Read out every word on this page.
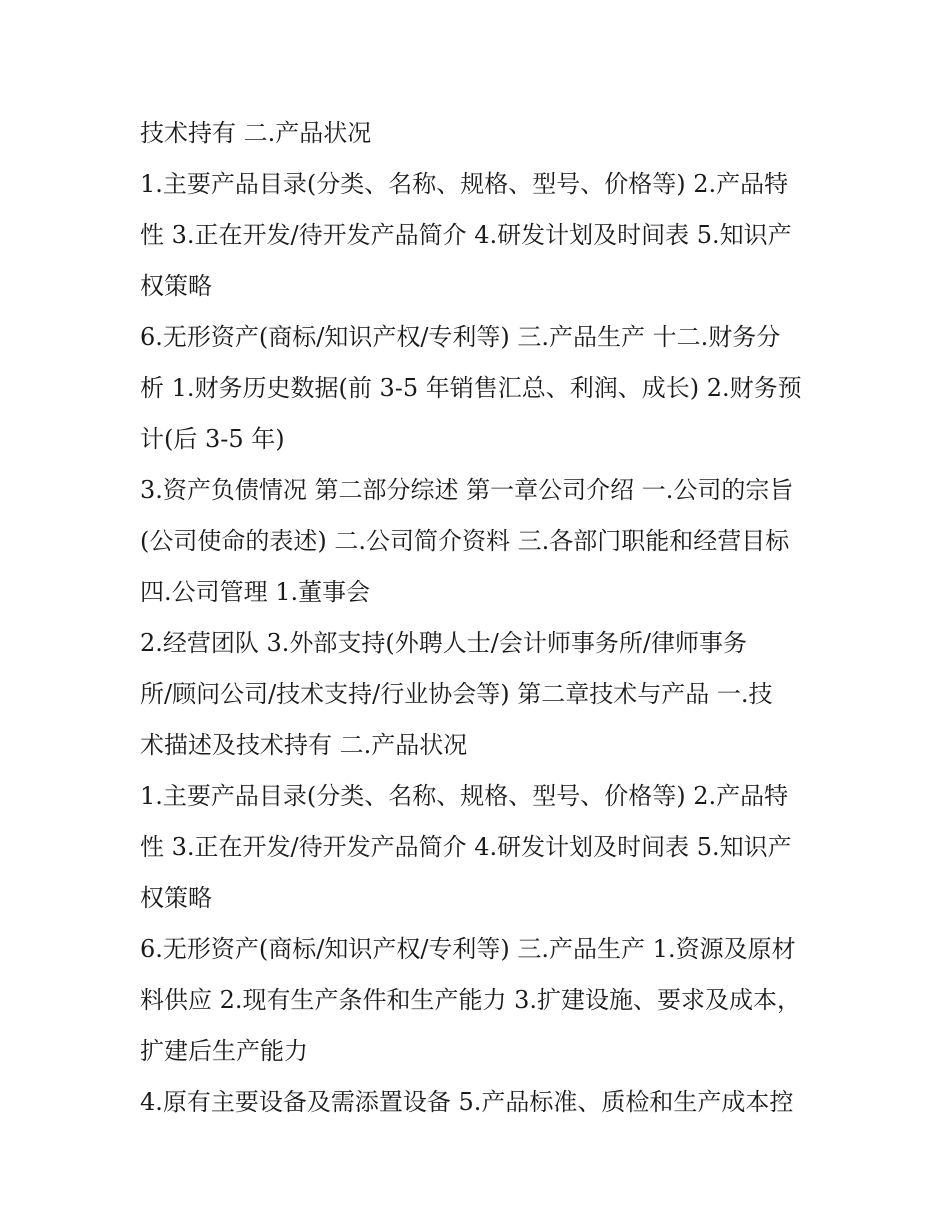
技术持有 二.产品状况
1.主要产品目录(分类、名称、规格、型号、价格等) 2.产品特
性 3.正在开发/待开发产品简介 4.研发计划及时间表 5.知识产
权策略
6.无形资产(商标/知识产权/专利等) 三.产品生产 十二.财务分
析 1.财务历史数据(前 3-5 年销售汇总、利润、成长) 2.财务预
计(后 3-5 年)
3.资产负债情况 第二部分综述 第一章公司介绍 一.公司的宗旨
(公司使命的表述) 二.公司简介资料 三.各部门职能和经营目标
四.公司管理 1.董事会
2.经营团队 3.外部支持(外聘人士/会计师事务所/律师事务
所/顾问公司/技术支持/行业协会等) 第二章技术与产品 一.技
术描述及技术持有 二.产品状况
1.主要产品目录(分类、名称、规格、型号、价格等) 2.产品特
性 3.正在开发/待开发产品简介 4.研发计划及时间表 5.知识产
权策略
6.无形资产(商标/知识产权/专利等) 三.产品生产 1.资源及原材
料供应 2.现有生产条件和生产能力 3.扩建设施、要求及成本，
扩建后生产能力
4.原有主要设备及需添置设备 5.产品标准、质检和生产成本控
